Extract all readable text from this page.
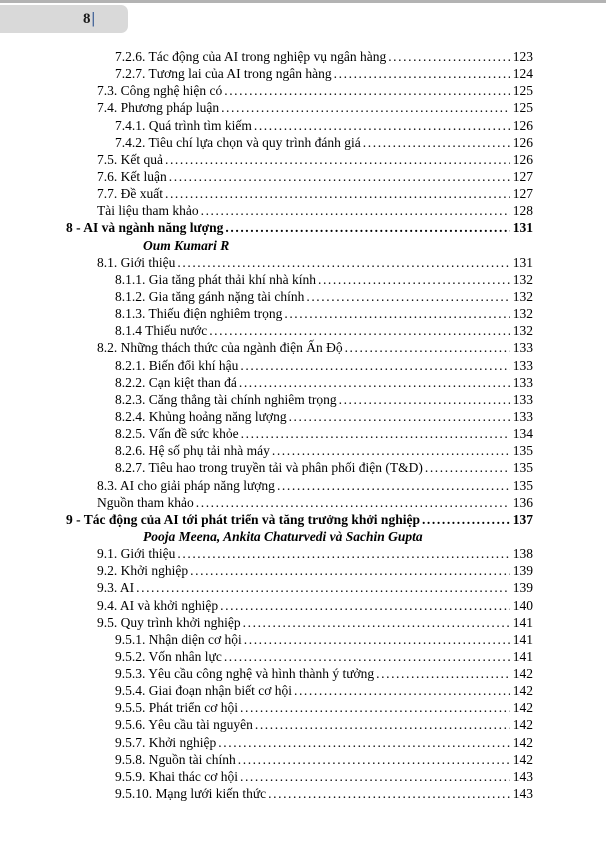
8 |
7.2.6. Tác động của AI trong nghiệp vụ ngân hàng .....	123
7.2.7. Tương lai của AI trong ngân hàng .....	124
7.3. Công nghệ hiện có .....	125
7.4. Phương pháp luận .....	125
7.4.1. Quá trình tìm kiếm .....	126
7.4.2. Tiêu chí lựa chọn và quy trình đánh giá .....	126
7.5. Kết quả .....	126
7.6. Kết luận .....	127
7.7. Đề xuất .....	127
Tài liệu tham khảo .....	128
8 - AI và ngành năng lượng .....	131
Oum Kumari R
8.1. Giới thiệu .....	131
8.1.1. Gia tăng phát thải khí nhà kính .....	132
8.1.2. Gia tăng gánh nặng tài chính .....	132
8.1.3. Thiếu điện nghiêm trọng .....	132
8.1.4 Thiếu nước .....	132
8.2. Những thách thức của ngành điện Ấn Độ .....	133
8.2.1. Biến đổi khí hậu .....	133
8.2.2. Cạn kiệt than đá .....	133
8.2.3. Căng thẳng tài chính nghiêm trọng .....	133
8.2.4. Khủng hoảng năng lượng .....	133
8.2.5. Vấn đề sức khỏe .....	134
8.2.6. Hệ số phụ tải nhà máy .....	135
8.2.7. Tiêu hao trong truyền tải và phân phối điện (T&D) .....	135
8.3. AI cho giải pháp năng lượng .....	135
Nguồn tham khảo .....	136
9 - Tác động của AI tới phát triển và tăng trưởng khởi nghiệp .....	137
Pooja Meena, Ankita Chaturvedi và Sachin Gupta
9.1. Giới thiệu .....	138
9.2. Khởi nghiệp .....	139
9.3. AI .....	139
9.4. AI và khởi nghiệp .....	140
9.5. Quy trình khởi nghiệp .....	141
9.5.1. Nhận diện cơ hội .....	141
9.5.2. Vốn nhân lực .....	141
9.5.3. Yêu cầu công nghệ và hình thành ý tưởng .....	142
9.5.4. Giai đoạn nhận biết cơ hội .....	142
9.5.5. Phát triển cơ hội .....	142
9.5.6. Yêu cầu tài nguyên .....	142
9.5.7. Khởi nghiệp .....	142
9.5.8. Nguồn tài chính .....	142
9.5.9. Khai thác cơ hội .....	143
9.5.10. Mạng lưới kiến thức .....	143
